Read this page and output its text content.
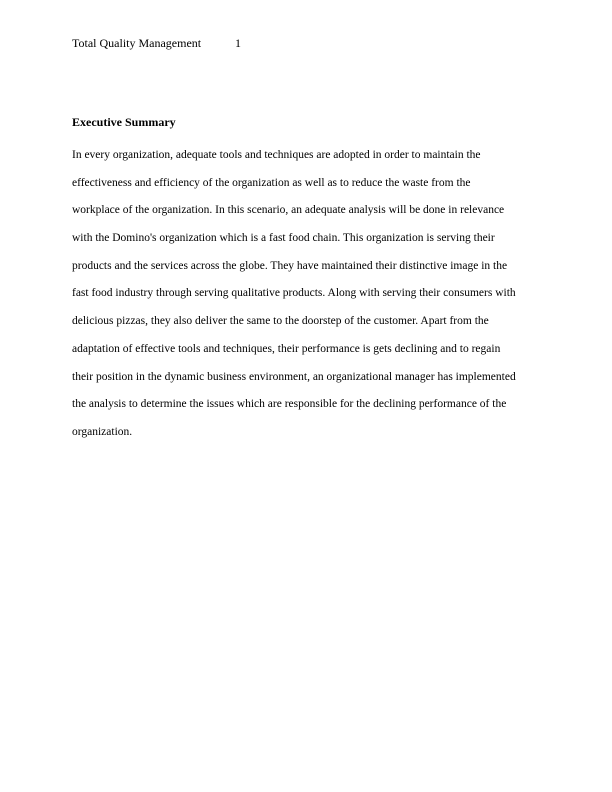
Total Quality Management	1
Executive Summary
In every organization, adequate tools and techniques are adopted in order to maintain the
effectiveness and efficiency of the organization as well as to reduce the waste from the
workplace of the organization. In this scenario, an adequate analysis will be done in relevance
with the Domino's organization which is a fast food chain. This organization is serving their
products and the services across the globe. They have maintained their distinctive image in the
fast food industry through serving qualitative products. Along with serving their consumers with
delicious pizzas, they also deliver the same to the doorstep of the customer. Apart from the
adaptation of effective tools and techniques, their performance is gets declining and to regain
their position in the dynamic business environment, an organizational manager has implemented
the analysis to determine the issues which are responsible for the declining performance of the
organization.
